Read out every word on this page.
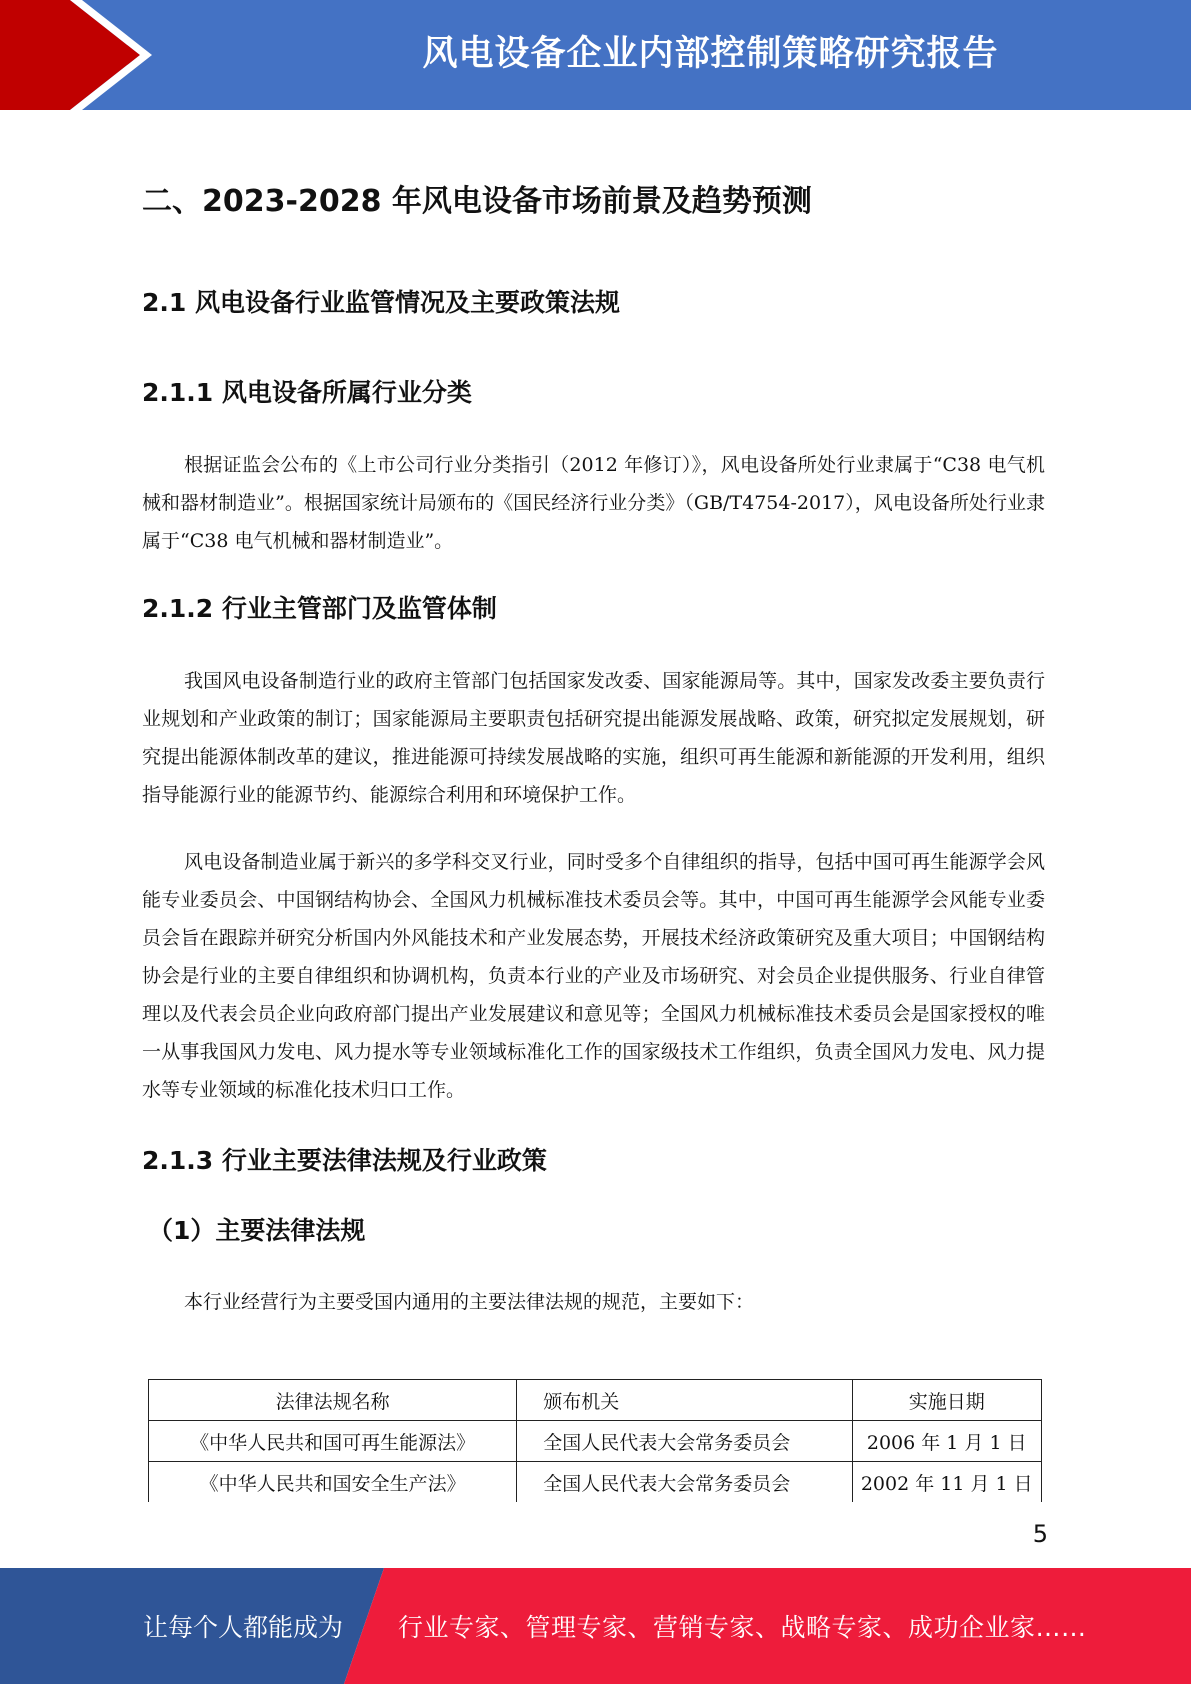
风电设备企业内部控制策略研究报告
二、2023-2028 年风电设备市场前景及趋势预测
2.1 风电设备行业监管情况及主要政策法规
2.1.1 风电设备所属行业分类
根据证监会公布的《上市公司行业分类指引（2012 年修订）》，风电设备所处行业隶属于“C38 电气机械和器材制造业”。根据国家统计局颁布的《国民经济行业分类》（GB/T4754-2017），风电设备所处行业隶属于“C38 电气机械和器材制造业”。
2.1.2 行业主管部门及监管体制
我国风电设备制造行业的政府主管部门包括国家发改委、国家能源局等。其中，国家发改委主要负责行业规划和产业政策的制订；国家能源局主要职责包括研究提出能源发展战略、政策，研究拟定发展规划，研究提出能源体制改革的建议，推进能源可持续发展战略的实施，组织可再生能源和新能源的开发利用，组织指导能源行业的能源节约、能源综合利用和环境保护工作。
风电设备制造业属于新兴的多学科交叉行业，同时受多个自律组织的指导，包括中国可再生能源学会风能专业委员会、中国钢结构协会、全国风力机械标准技术委员会等。其中，中国可再生能源学会风能专业委员会旨在跟踪并研究分析国内外风能技术和产业发展态势，开展技术经济政策研究及重大项目；中国钢结构协会是行业的主要自律组织和协调机构，负责本行业的产业及市场研究、对会员企业提供服务、行业自律管理以及代表会员企业向政府部门提出产业发展建议和意见等；全国风力机械标准技术委员会是国家授权的唯一从事我国风力发电、风力提水等专业领域标准化工作的国家级技术工作组织，负责全国风力发电、风力提水等专业领域的标准化技术归口工作。
2.1.3 行业主要法律法规及行业政策
（1）主要法律法规
本行业经营行为主要受国内通用的主要法律法规的规范，主要如下：
法律法规名称	颁布机关	实施日期
《中华人民共和国可再生能源法》	全国人民代表大会常务委员会	2006 年 1 月 1 日
《中华人民共和国安全生产法》	全国人民代表大会常务委员会	2002 年 11 月 1 日
5
让每个人都能成为 行业专家、管理专家、营销专家、战略专家、成功企业家……
